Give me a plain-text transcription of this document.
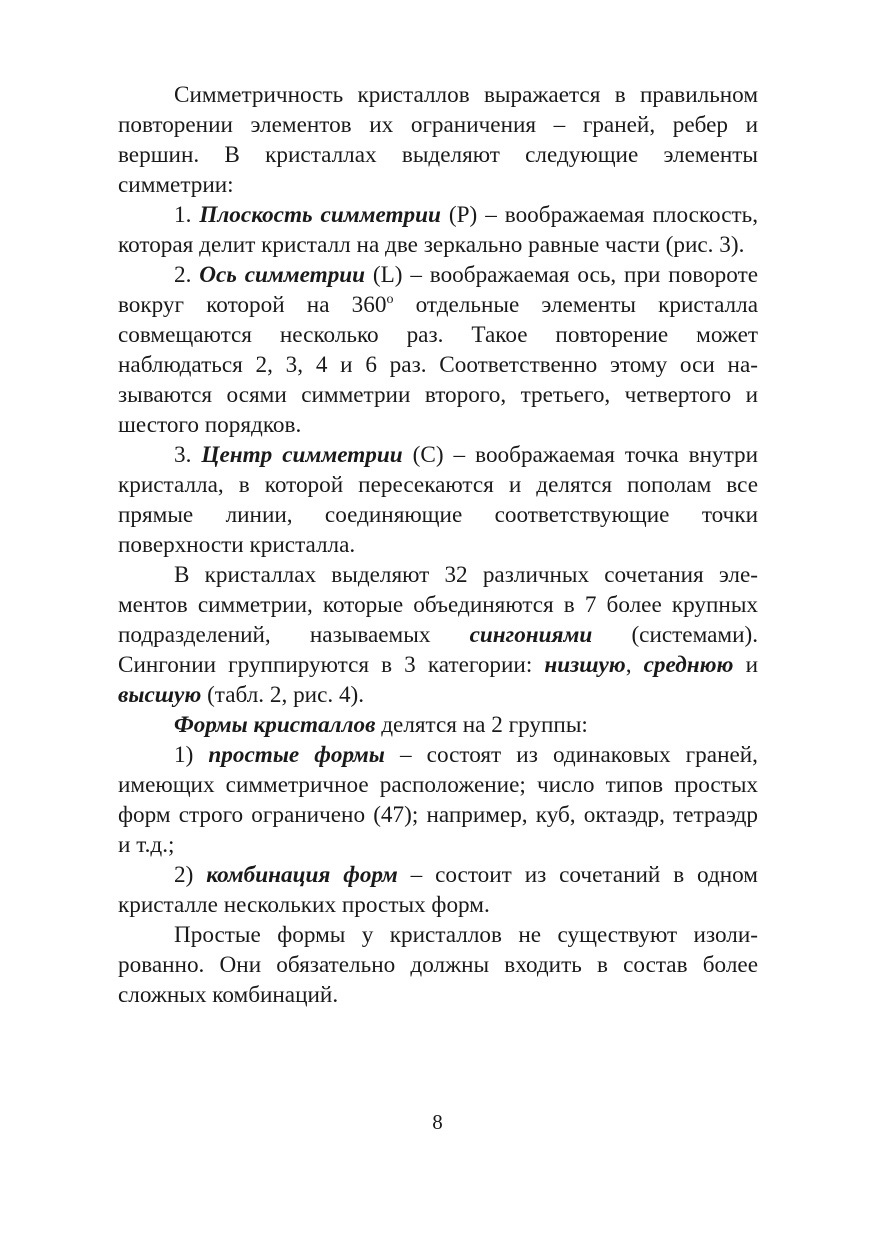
Симметричность кристаллов выражается в правильном повторении элементов их ограничения – граней, ребер и вершин. В кристаллах выделяют следующие элементы симметрии:

1. Плоскость симметрии (P) – воображаемая плоскость, которая делит кристалл на две зеркально равные части (рис. 3).

2. Ось симметрии (L) – воображаемая ось, при повороте вокруг которой на 360$^o$ отдельные элементы кристалла совмещаются несколько раз. Такое повторение может наблюдаться 2, 3, 4 и 6 раз. Соответственно этому оси называются осями симметрии второго, третьего, четвертого и шестого порядков.

3. Центр симметрии (C) – воображаемая точка внутри кристалла, в которой пересекаются и делятся пополам все прямые линии, соединяющие соответствующие точки поверхности кристалла.

В кристаллах выделяют 32 различных сочетания элементов симметрии, которые объединяются в 7 более крупных подразделений, называемых сингониями (системами). Сингонии группируются в 3 категории: низшую, среднюю и высшую (табл. 2, рис. 4).

Формы кристаллов делятся на 2 группы:

1) простые формы – состоят из одинаковых граней, имеющих симметричное расположение; число типов простых форм строго ограничено (47); например, куб, октаэдр, тетраэдр и т.д.;

2) комбинация форм – состоит из сочетаний в одном кристалле нескольких простых форм.

Простые формы у кристаллов не существуют изолированно. Они обязательно должны входить в состав более сложных комбинаций.

8
